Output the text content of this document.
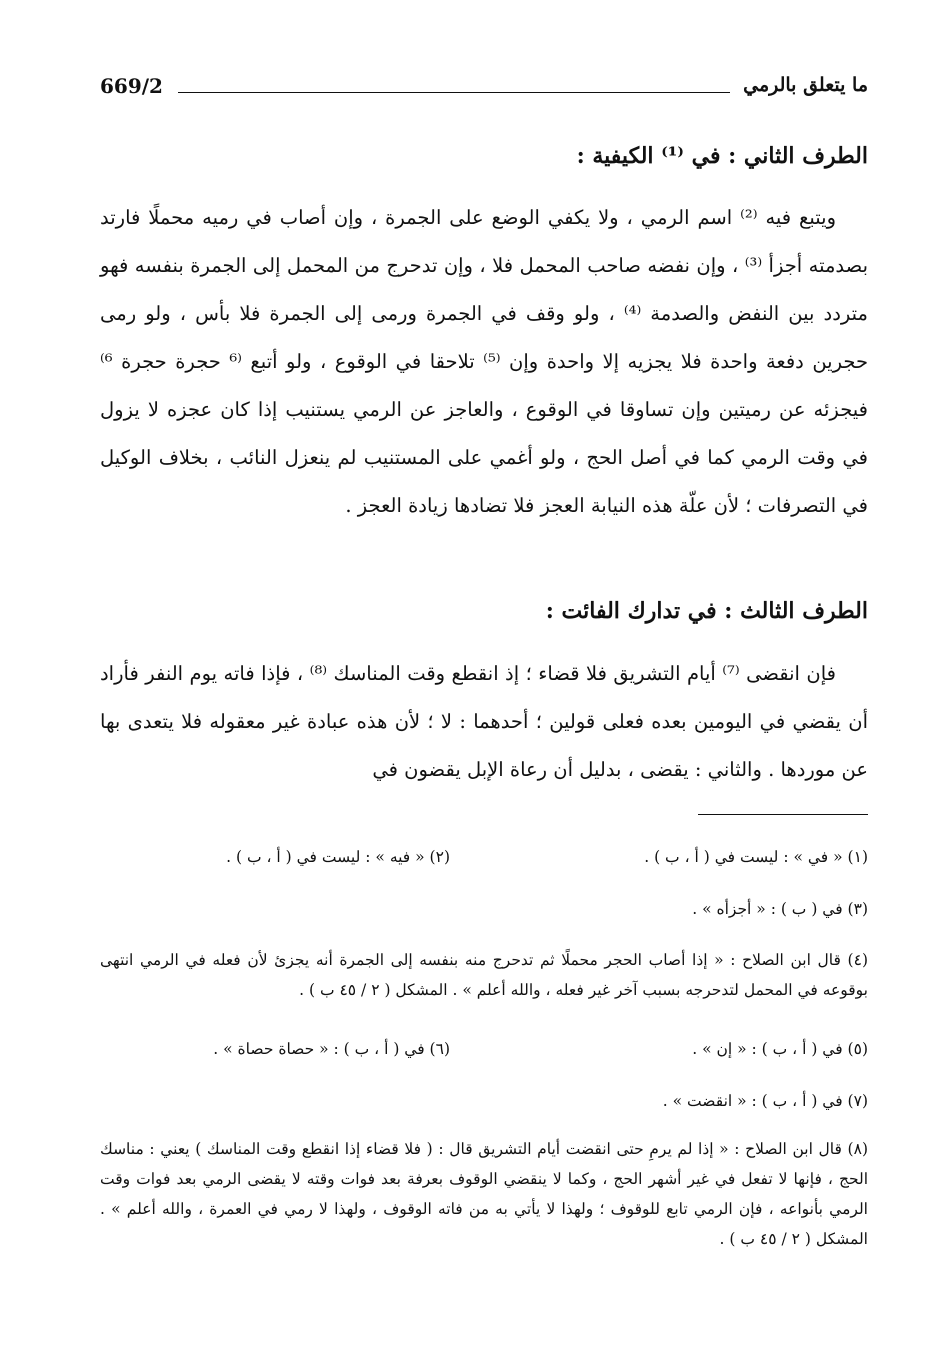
669/2	ما يتعلق بالرمي
الطرف الثاني : في ⁽¹⁾ الكيفية :

ويتبع فيه ⁽²⁾ اسم الرمي ، ولا يكفي الوضع على الجمرة ، وإن أصاب في رميه محملًا فارتد بصدمته أجزأ ⁽³⁾ ، وإن نفضه صاحب المحمل فلا ، وإن تدحرج من المحمل إلى الجمرة بنفسه فهو متردد بين النفض والصدمة ⁽⁴⁾ ، ولو وقف في الجمرة ورمى إلى الجمرة فلا بأس ، ولو رمى حجرين دفعة واحدة فلا يجزيه إلا واحدة وإن ⁽⁵⁾ تلاحقا في الوقوع ، ولو أتبع ⁽⁶ حجرة حجرة ⁶⁾ فيجزئه عن رميتين وإن تساوقا في الوقوع ، والعاجز عن الرمي يستنيب إذا كان عجزه لا يزول في وقت الرمي كما في أصل الحج ، ولو أغمي على المستنيب لم ينعزل النائب ، بخلاف الوكيل في التصرفات ؛ لأن علّة هذه النيابة العجز فلا تضادها زيادة العجز .

الطرف الثالث : في تدارك الفائت :

فإن انقضى ⁽⁷⁾ أيام التشريق فلا قضاء ؛ إذ انقطع وقت المناسك ⁽⁸⁾ ، فإذا فاته يوم النفر فأراد أن يقضي في اليومين بعده فعلى قولين ؛ أحدهما : لا ؛ لأن هذه عبادة غير معقوله فلا يتعدى بها عن موردها . والثاني : يقضى ، بدليل أن رعاة الإبل يقضون في

(١) « في » : ليست في ( أ ، ب ) .
(٢) « فيه » : ليست في ( أ ، ب ) .
(٣) في ( ب ) : « أجزأه » .

(٤) قال ابن الصلاح : « إذا أصاب الحجر محملًا ثم تدحرج منه بنفسه إلى الجمرة أنه يجزئ لأن فعله في الرمي انتهى بوقوعه في المحمل لتدحرجه بسبب آخر غير فعله ، والله أعلم » . المشكل ( ٢ / ٤٥ ب ) .

(٥) في ( أ ، ب ) : « إن » .
(٦) في ( أ ، ب ) : « حصاة حصاة » .
(٧) في ( أ ، ب ) : « انقضت » .

(٨) قال ابن الصلاح : « إذا لم يرمِ حتى انقضت أيام التشريق قال : ( فلا قضاء إذا انقطع وقت المناسك ) يعني : مناسك الحج ، فإنها لا تفعل في غير أشهر الحج ، وكما لا ينقضي الوقوف بعرفة بعد فوات وقته لا يقضى الرمي بعد فوات وقت الرمي بأنواعه ، فإن الرمي تابع للوقوف ؛ ولهذا لا يأتي به من فاته الوقوف ، ولهذا لا رمي في العمرة ، والله أعلم » . المشكل ( ٢ / ٤٥ ب ) .
